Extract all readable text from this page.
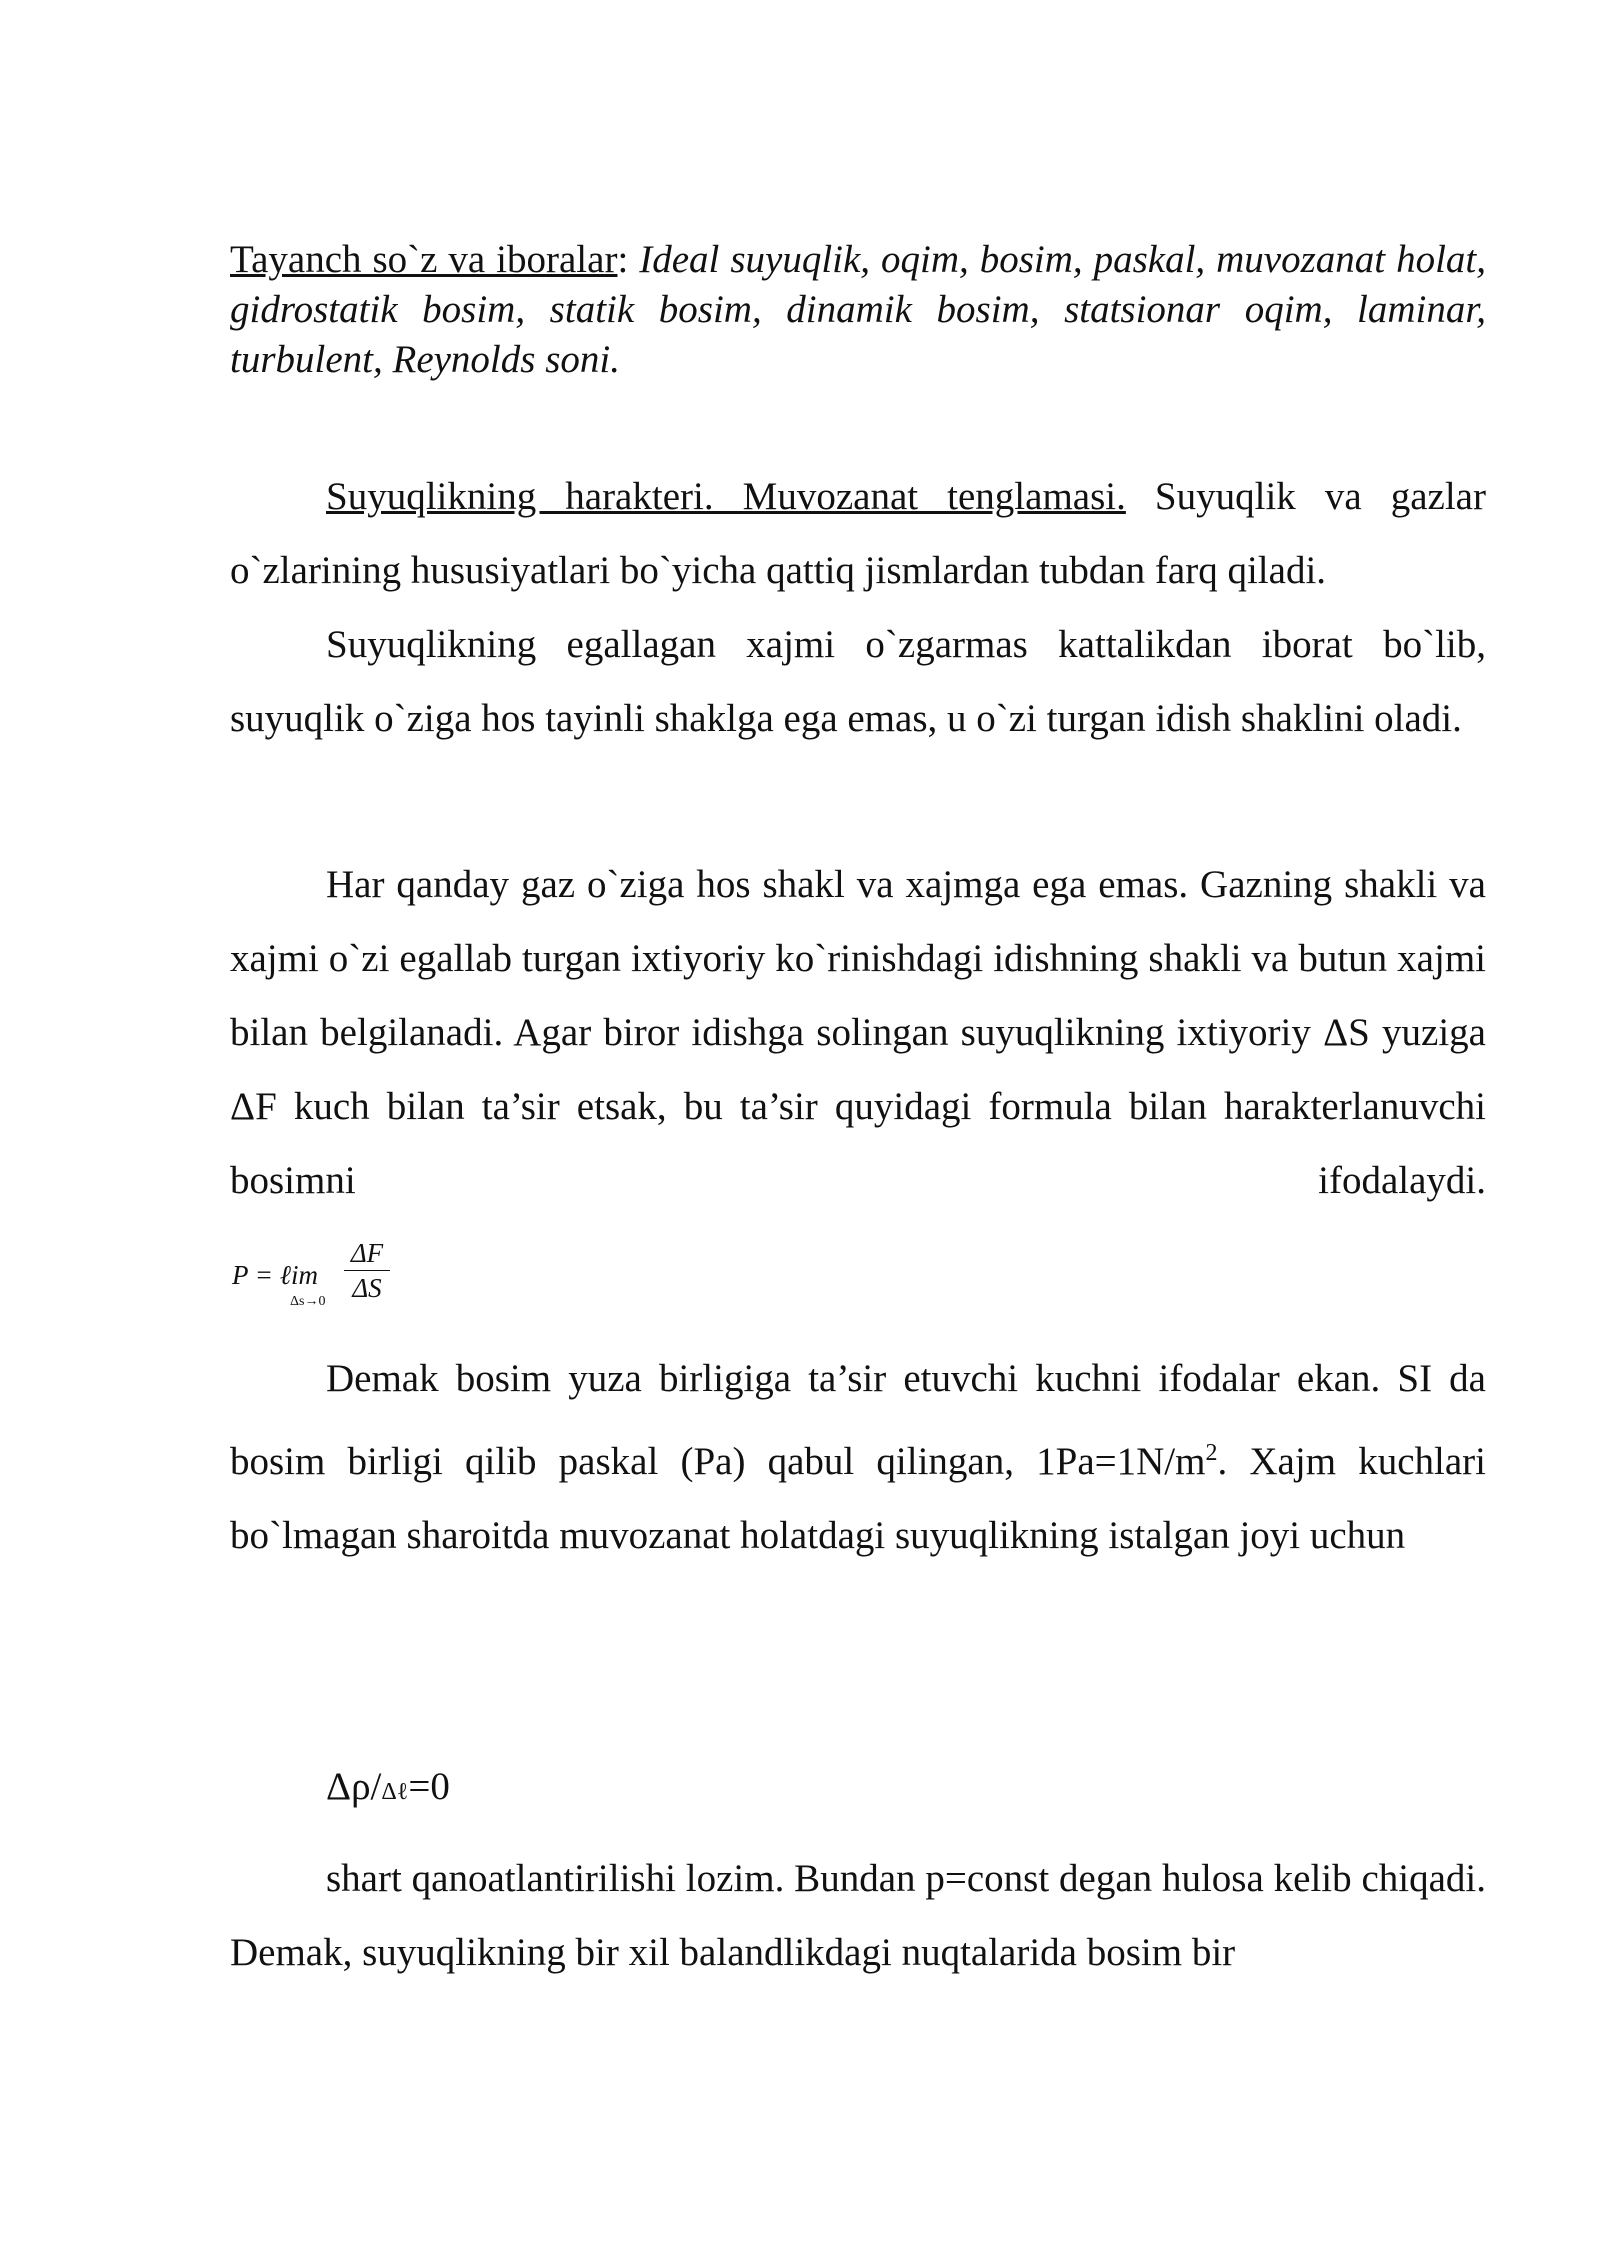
Tayanch so`z va iboralar: Ideal suyuqlik, oqim, bosim, paskal, muvozanat holat, gidrostatik bosim, statik bosim, dinamik bosim, statsionar oqim, laminar, turbulent, Reynolds soni.
Suyuqlikning harakteri. Muvozanat tenglamasi. Suyuqlik va gazlar o`zlarining hususiyatlari bo`yicha qattiq jismlardan tubdan farq qiladi.
Suyuqlikning egallagan xajmi o`zgarmas kattalikdan iborat bo`lib, suyuqlik o`ziga hos tayinli shaklga ega emas, u o`zi turgan idish shaklini oladi.
Har qanday gaz o`ziga hos shakl va xajmga ega emas. Gazning shakli va xajmi o`zi egallab turgan ixtiyoriy ko`rinishdagi idishning shakli va butun xajmi bilan belgilanadi. Agar biror idishga solingan suyuqlikning ixtiyoriy ΔS yuziga ΔF kuch bilan ta’sir etsak, bu ta’sir quyidagi formula bilan harakterlanuvchi bosimni ifodalaydi.
P = ℓim
Δs→0
ΔF
ΔS
Demak bosim yuza birligiga ta’sir etuvchi kuchni ifodalar ekan. SI da bosim birligi qilib paskal (Pa) qabul qilingan, $1Pa=1N/m^2$. Xajm kuchlari bo`lmagan sharoitda muvozanat holatdagi suyuqlikning istalgan joyi uchun
Δρ/Δℓ=0
shart qanoatlantirilishi lozim. Bundan p=const degan hulosa kelib chiqadi. Demak, suyuqlikning bir xil balandlikdagi nuqtalarida bosim bir
